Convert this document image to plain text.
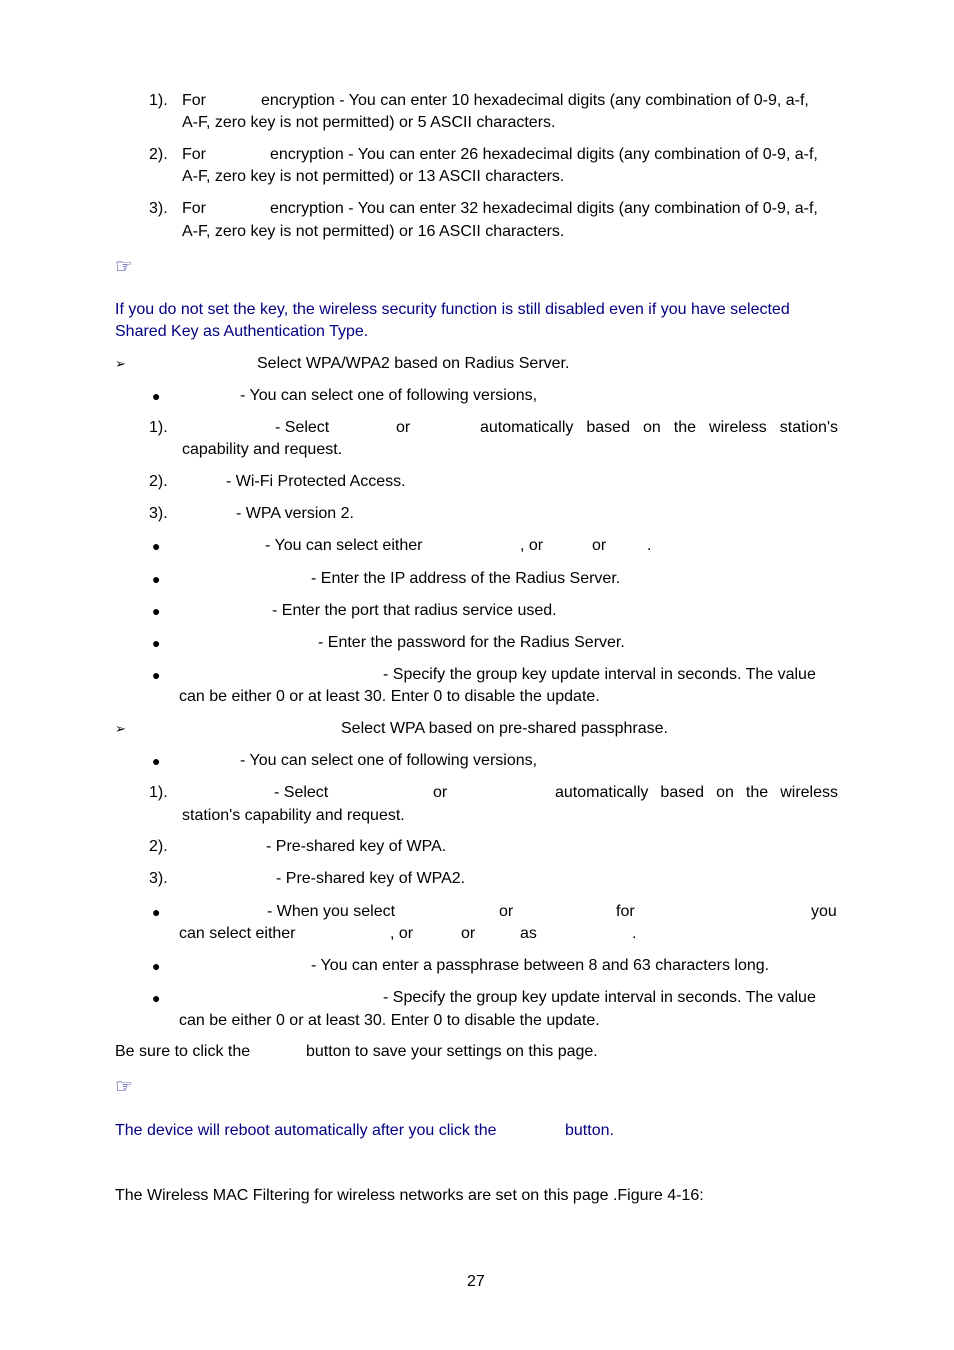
1). For	encryption - You can enter 10 hexadecimal digits (any combination of 0-9, a-f,
A-F, zero key is not permitted) or 5 ASCII characters.
2). For	encryption - You can enter 26 hexadecimal digits (any combination of 0-9, a-f,
A-F, zero key is not permitted) or 13 ASCII characters.
3). For	encryption - You can enter 32 hexadecimal digits (any combination of 0-9, a-f,
A-F, zero key is not permitted) or 16 ASCII characters.
☞
If you do not set the key, the wireless security function is still disabled even if you have selected
Shared Key as Authentication Type.
➢	Select WPA/WPA2 based on Radius Server.
●	- You can select one of following versions,
1).	- Select	or	automatically based on the wireless station's
capability and request.
2).	- Wi-Fi Protected Access.
3).	- WPA version 2.
●	- You can select either	, or	or	.
●	- Enter the IP address of the Radius Server.
●	- Enter the port that radius service used.
●	- Enter the password for the Radius Server.
●	- Specify the group key update interval in seconds. The value
can be either 0 or at least 30. Enter 0 to disable the update.
➢	Select WPA based on pre-shared passphrase.
●	- You can select one of following versions,
1).	- Select	or	automatically based on the wireless
station's capability and request.
2).	- Pre-shared key of WPA.
3).	- Pre-shared key of WPA2.
●	- When you select	or	for	you
can select either	, or	or	as	.
●	- You can enter a passphrase between 8 and 63 characters long.
●	- Specify the group key update interval in seconds. The value
can be either 0 or at least 30. Enter 0 to disable the update.
Be sure to click the	button to save your settings on this page.
☞
The device will reboot automatically after you click the	button.
The Wireless MAC Filtering for wireless networks are set on this page .Figure 4-16:
27
